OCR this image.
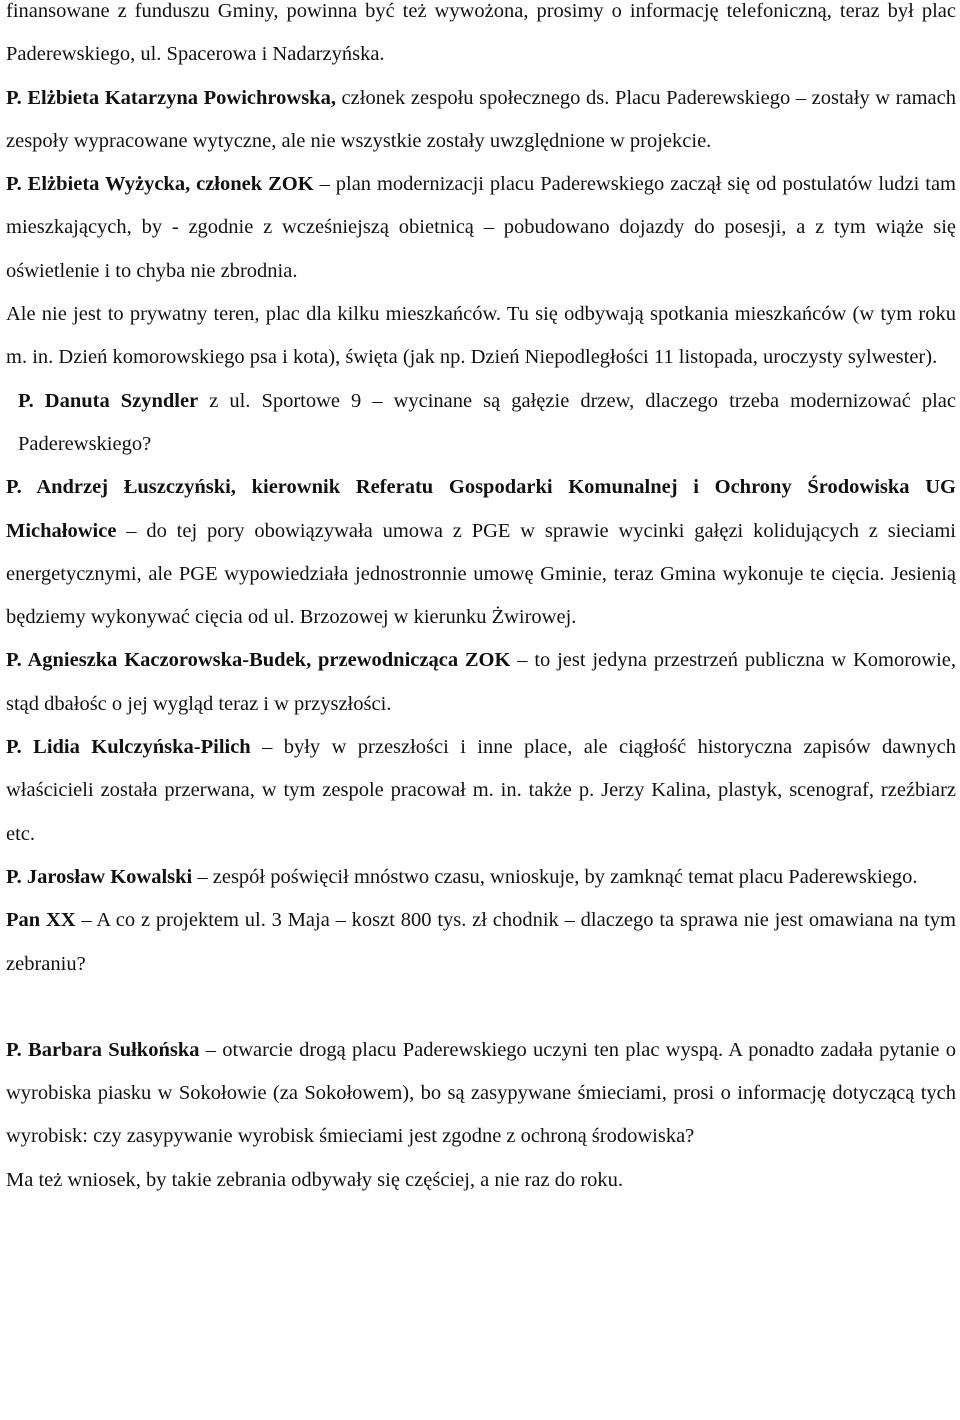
finansowane z funduszu Gminy, powinna być też wywożona, prosimy o informację telefoniczną, teraz był plac Paderewskiego, ul. Spacerowa i Nadarzyńska.

P. Elżbieta Katarzyna Powichrowska, członek zespołu społecznego ds. Placu Paderewskiego – zostały w ramach zespoły wypracowane wytyczne, ale nie wszystkie zostały uwzględnione w projekcie.

P. Elżbieta Wyżycka, członek ZOK – plan modernizacji placu Paderewskiego zaczął się od postulatów ludzi tam mieszkających, by - zgodnie z wcześniejszą obietnicą – pobudowano dojazdy do posesji, a z tym wiąże się oświetlenie i to chyba nie zbrodnia.

Ale nie jest to prywatny teren, plac dla kilku mieszkańców. Tu się odbywają spotkania mieszkańców (w tym roku m. in. Dzień komorowskiego psa i kota), święta (jak np. Dzień Niepodległości 11 listopada, uroczysty sylwester).

P. Danuta Szyndler z ul. Sportowe 9 – wycinane są gałęzie drzew, dlaczego trzeba modernizować plac Paderewskiego?

P. Andrzej Łuszczyński, kierownik Referatu Gospodarki Komunalnej i Ochrony Środowiska UG Michałowice – do tej pory obowiązywała umowa z PGE w sprawie wycinki gałęzi kolidujących z sieciami energetycznymi, ale PGE wypowiedziała jednostronnie umowę Gminie, teraz Gmina wykonuje te cięcia. Jesienią będziemy wykonywać cięcia od ul. Brzozowej w kierunku Żwirowej.

P. Agnieszka Kaczorowska-Budek, przewodnicząca ZOK – to jest jedyna przestrzeń publiczna w Komorowie, stąd dbałośc o jej wygląd teraz i w przyszłości.

P. Lidia Kulczyńska-Pilich – były w przeszłości i inne place, ale ciągłość historyczna zapisów dawnych właścicieli została przerwana, w tym zespole pracował m. in. także p. Jerzy Kalina, plastyk, scenograf, rzeźbiarz etc.

P. Jarosław Kowalski – zespół poświęcił mnóstwo czasu, wnioskuje, by zamknąć temat placu Paderewskiego.

Pan XX – A co z projektem ul. 3 Maja – koszt 800 tys. zł chodnik – dlaczego ta sprawa nie jest omawiana na tym zebraniu?

P. Barbara Sułkońska – otwarcie drogą placu Paderewskiego uczyni ten plac wyspą. A ponadto zadała pytanie o wyrobiska piasku w Sokołowie (za Sokołowem), bo są zasypywane śmieciami, prosi o informację dotyczącą tych wyrobisk: czy zasypywanie wyrobisk śmieciami jest zgodne z ochroną środowiska?

Ma też wniosek, by takie zebrania odbywały się częściej, a nie raz do roku.
